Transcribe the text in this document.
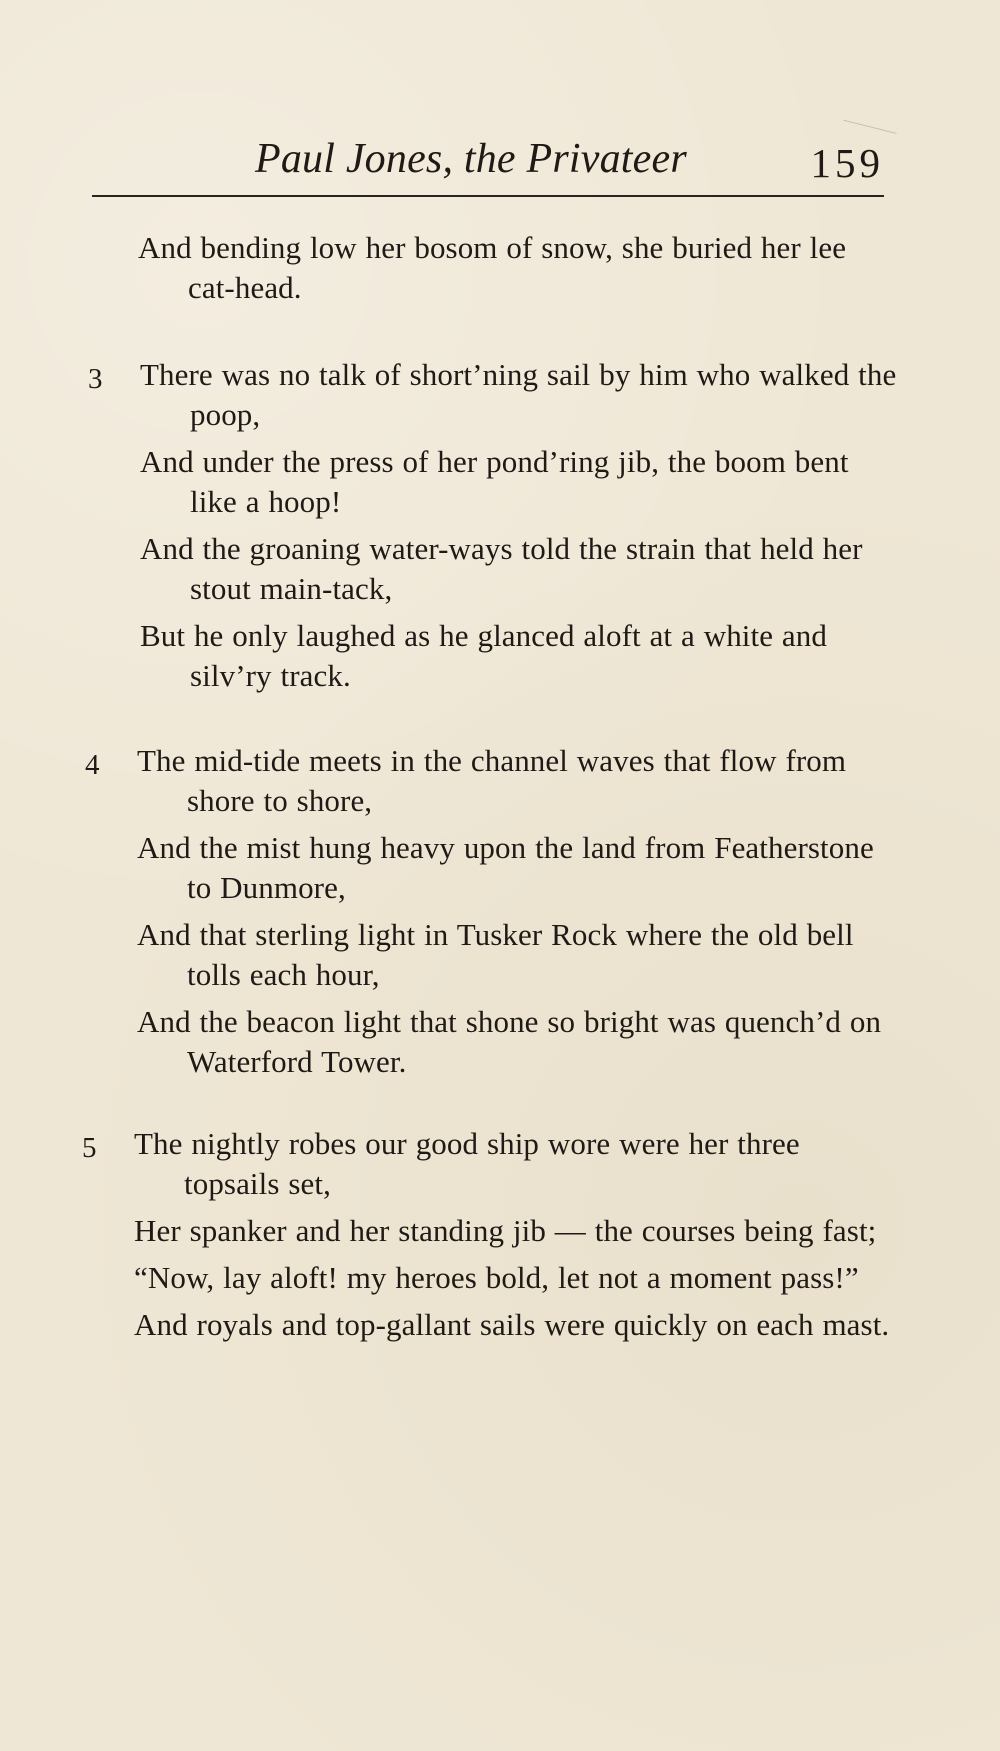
Paul Jones, the Privateer	159

And bending low her bosom of snow, she buried her lee cat-head.

3 There was no talk of short’ning sail by him who walked the poop,

And under the press of her pond’ring jib, the boom bent like a hoop!

And the groaning water-ways told the strain that held her stout main-tack,

But he only laughed as he glanced aloft at a white and silv’ry track.

4 The mid-tide meets in the channel waves that flow from shore to shore,

And the mist hung heavy upon the land from Featherstone to Dunmore,

And that sterling light in Tusker Rock where the old bell tolls each hour,

And the beacon light that shone so bright was quench’d on Waterford Tower.

5 The nightly robes our good ship wore were her three topsails set,

Her spanker and her standing jib — the courses being fast;

“Now, lay aloft! my heroes bold, let not a moment pass!”

And royals and top-gallant sails were quickly on each mast.
